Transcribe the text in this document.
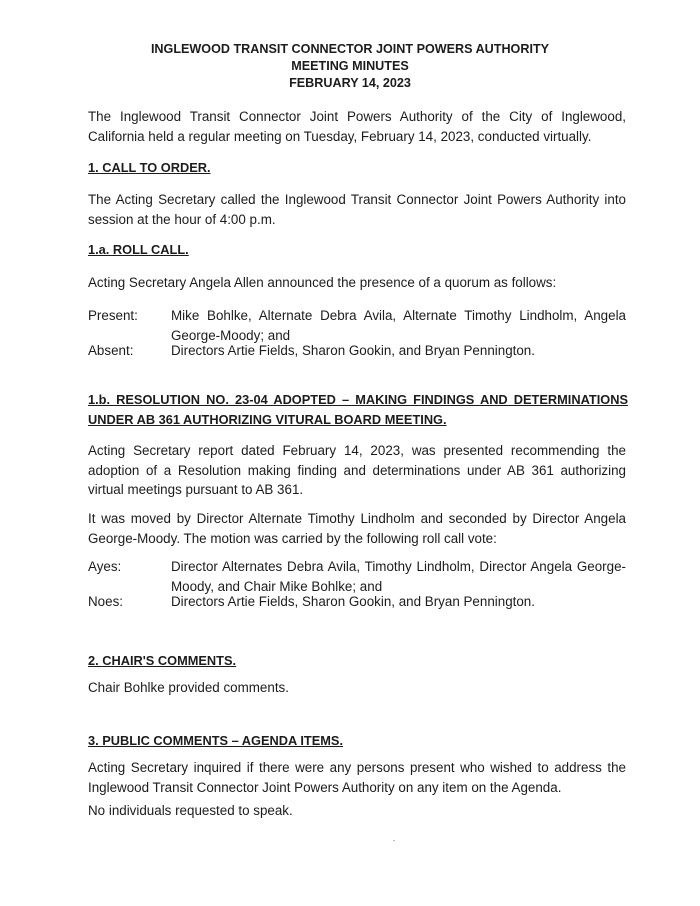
INGLEWOOD TRANSIT CONNECTOR JOINT POWERS AUTHORITY
MEETING MINUTES
FEBRUARY 14, 2023
The Inglewood Transit Connector Joint Powers Authority of the City of Inglewood, California held a regular meeting on Tuesday, February 14, 2023, conducted virtually.
1. CALL TO ORDER.
The Acting Secretary called the Inglewood Transit Connector Joint Powers Authority into session at the hour of 4:00 p.m.
1.a. ROLL CALL.
Acting Secretary Angela Allen announced the presence of a quorum as follows:
Present:	Mike Bohlke, Alternate Debra Avila, Alternate Timothy Lindholm, Angela George-Moody; and
Absent:	Directors Artie Fields, Sharon Gookin, and Bryan Pennington.
1.b. RESOLUTION NO. 23-04 ADOPTED – MAKING FINDINGS AND DETERMINATIONS UNDER AB 361 AUTHORIZING VITURAL BOARD MEETING.
Acting Secretary report dated February 14, 2023, was presented recommending the adoption of a Resolution making finding and determinations under AB 361 authorizing virtual meetings pursuant to AB 361.
It was moved by Director Alternate Timothy Lindholm and seconded by Director Angela George-Moody. The motion was carried by the following roll call vote:
Ayes:	Director Alternates Debra Avila, Timothy Lindholm, Director Angela George-Moody, and Chair Mike Bohlke; and
Noes:	Directors Artie Fields, Sharon Gookin, and Bryan Pennington.
2. CHAIR'S COMMENTS.
Chair Bohlke provided comments.
3. PUBLIC COMMENTS – AGENDA ITEMS.
Acting Secretary inquired if there were any persons present who wished to address the Inglewood Transit Connector Joint Powers Authority on any item on the Agenda.
No individuals requested to speak.
